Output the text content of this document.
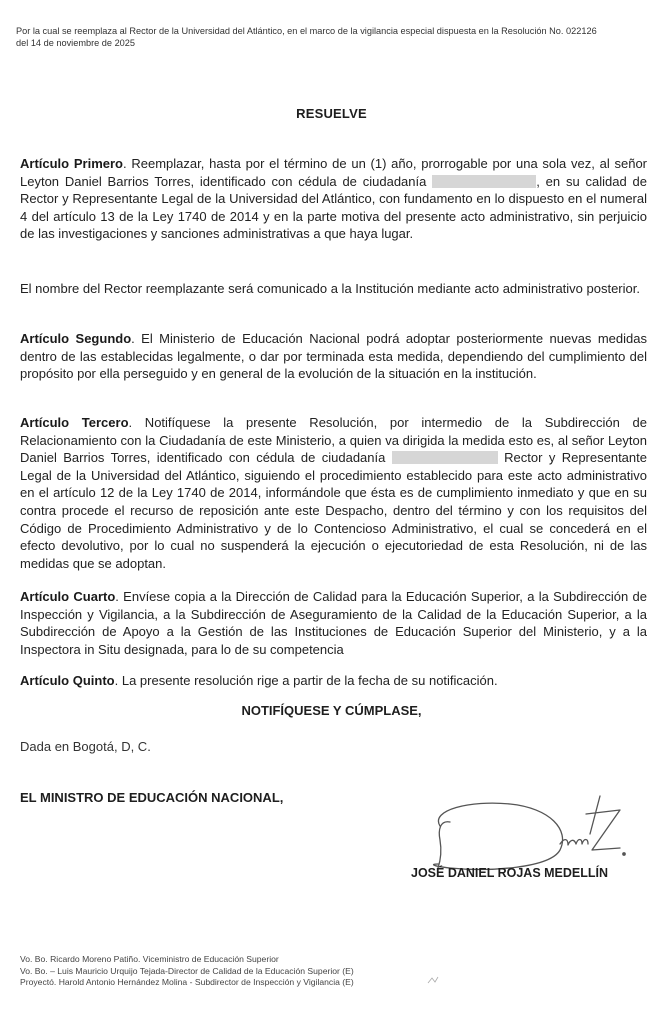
Por la cual se reemplaza al Rector de la Universidad del Atlántico, en el marco de la vigilancia especial dispuesta en la Resolución No. 022126
del 14 de noviembre de 2025
RESUELVE
Artículo Primero. Reemplazar, hasta por el término de un (1) año, prorrogable por una sola vez, al señor Leyton Daniel Barrios Torres, identificado con cédula de ciudadanía	, en su calidad de Rector y Representante Legal de la Universidad del Atlántico, con fundamento en lo dispuesto en el numeral 4 del artículo 13 de la Ley 1740 de 2014 y en la parte motiva del presente acto administrativo, sin perjuicio de las investigaciones y sanciones administrativas a que haya lugar.
El nombre del Rector reemplazante será comunicado a la Institución mediante acto administrativo posterior.
Artículo Segundo. El Ministerio de Educación Nacional podrá adoptar posteriormente nuevas medidas dentro de las establecidas legalmente, o dar por terminada esta medida, dependiendo del cumplimiento del propósito por ella perseguido y en general de la evolución de la situación en la institución.
Artículo Tercero. Notifíquese la presente Resolución, por intermedio de la Subdirección de Relacionamiento con la Ciudadanía de este Ministerio, a quien va dirigida la medida esto es, al señor Leyton Daniel Barrios Torres, identificado con cédula de ciudadanía	Rector y Representante Legal de la Universidad del Atlántico, siguiendo el procedimiento establecido para este acto administrativo en el artículo 12 de la Ley 1740 de 2014, informándole que ésta es de cumplimiento inmediato y que en su contra procede el recurso de reposición ante este Despacho, dentro del término y con los requisitos del Código de Procedimiento Administrativo y de lo Contencioso Administrativo, el cual se concederá en el efecto devolutivo, por lo cual no suspenderá la ejecución o ejecutoriedad de esta Resolución, ni de las medidas que se adoptan.
Artículo Cuarto. Envíese copia a la Dirección de Calidad para la Educación Superior, a la Subdirección de Inspección y Vigilancia, a la Subdirección de Aseguramiento de la Calidad de la Educación Superior, a la Subdirección de Apoyo a la Gestión de las Instituciones de Educación Superior del Ministerio, y a la Inspectora in Situ designada, para lo de su competencia
Artículo Quinto. La presente resolución rige a partir de la fecha de su notificación.
NOTIFÍQUESE Y CÚMPLASE,
Dada en Bogotá, D, C.
EL MINISTRO DE EDUCACIÓN NACIONAL,
JOSÉ DANIEL ROJAS MEDELLÍN
Vo. Bo. Ricardo Moreno Patiño. Viceministro de Educación Superior
Vo. Bo. – Luis Mauricio Urquijo Tejada-Director de Calidad de la Educación Superior (E)
Proyectó. Harold Antonio Hernández Molina - Subdirector de Inspección y Vigilancia (E)
